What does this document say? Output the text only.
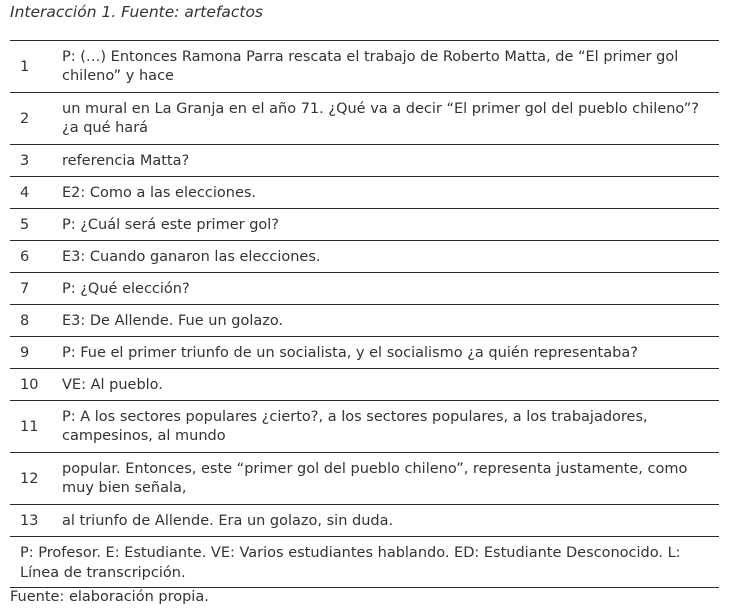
Interacción 1. Fuente: artefactos
1	P: (…) Entonces Ramona Parra rescata el trabajo de Roberto Matta, de “El primer gol chileno” y hace
2	un mural en La Granja en el año 71. ¿Qué va a decir “El primer gol del pueblo chileno”? ¿a qué hará
3	referencia Matta?
4	E2: Como a las elecciones.
5	P: ¿Cuál será este primer gol?
6	E3: Cuando ganaron las elecciones.
7	P: ¿Qué elección?
8	E3: De Allende. Fue un golazo.
9	P: Fue el primer triunfo de un socialista, y el socialismo ¿a quién representaba?
10	VE: Al pueblo.
11	P: A los sectores populares ¿cierto?, a los sectores populares, a los trabajadores, campesinos, al mundo
12	popular. Entonces, este “primer gol del pueblo chileno”, representa justamente, como muy bien señala,
13	al triunfo de Allende. Era un golazo, sin duda.
P: Profesor. E: Estudiante. VE: Varios estudiantes hablando. ED: Estudiante Desconocido. L: Línea de transcripción.	
Fuente: elaboración propia.
